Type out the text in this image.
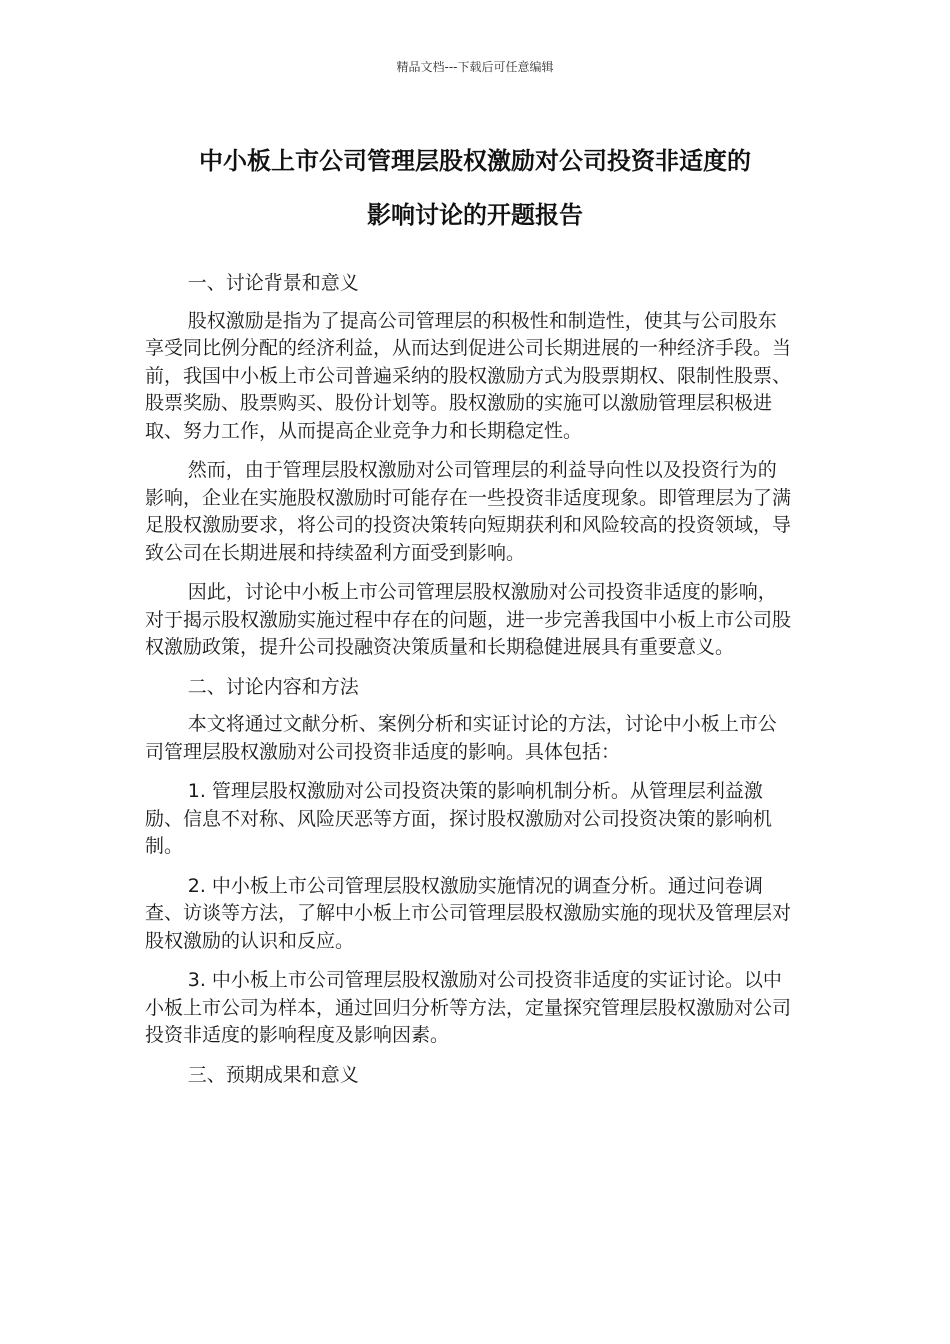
精品文档---下载后可任意编辑
中小板上市公司管理层股权激励对公司投资非适度的
影响讨论的开题报告

一、讨论背景和意义

股权激励是指为了提高公司管理层的积极性和制造性，使其与公司股东享受同比例分配的经济利益，从而达到促进公司长期进展的一种经济手段。当前，我国中小板上市公司普遍采纳的股权激励方式为股票期权、限制性股票、股票奖励、股票购买、股份计划等。股权激励的实施可以激励管理层积极进取、努力工作，从而提高企业竞争力和长期稳定性。

然而，由于管理层股权激励对公司管理层的利益导向性以及投资行为的影响，企业在实施股权激励时可能存在一些投资非适度现象。即管理层为了满足股权激励要求，将公司的投资决策转向短期获利和风险较高的投资领域，导致公司在长期进展和持续盈利方面受到影响。

因此，讨论中小板上市公司管理层股权激励对公司投资非适度的影响，对于揭示股权激励实施过程中存在的问题，进一步完善我国中小板上市公司股权激励政策，提升公司投融资决策质量和长期稳健进展具有重要意义。

二、讨论内容和方法

本文将通过文献分析、案例分析和实证讨论的方法，讨论中小板上市公司管理层股权激励对公司投资非适度的影响。具体包括：

1. 管理层股权激励对公司投资决策的影响机制分析。从管理层利益激励、信息不对称、风险厌恶等方面，探讨股权激励对公司投资决策的影响机制。

2. 中小板上市公司管理层股权激励实施情况的调查分析。通过问卷调查、访谈等方法，了解中小板上市公司管理层股权激励实施的现状及管理层对股权激励的认识和反应。

3. 中小板上市公司管理层股权激励对公司投资非适度的实证讨论。以中小板上市公司为样本，通过回归分析等方法，定量探究管理层股权激励对公司投资非适度的影响程度及影响因素。

三、预期成果和意义
